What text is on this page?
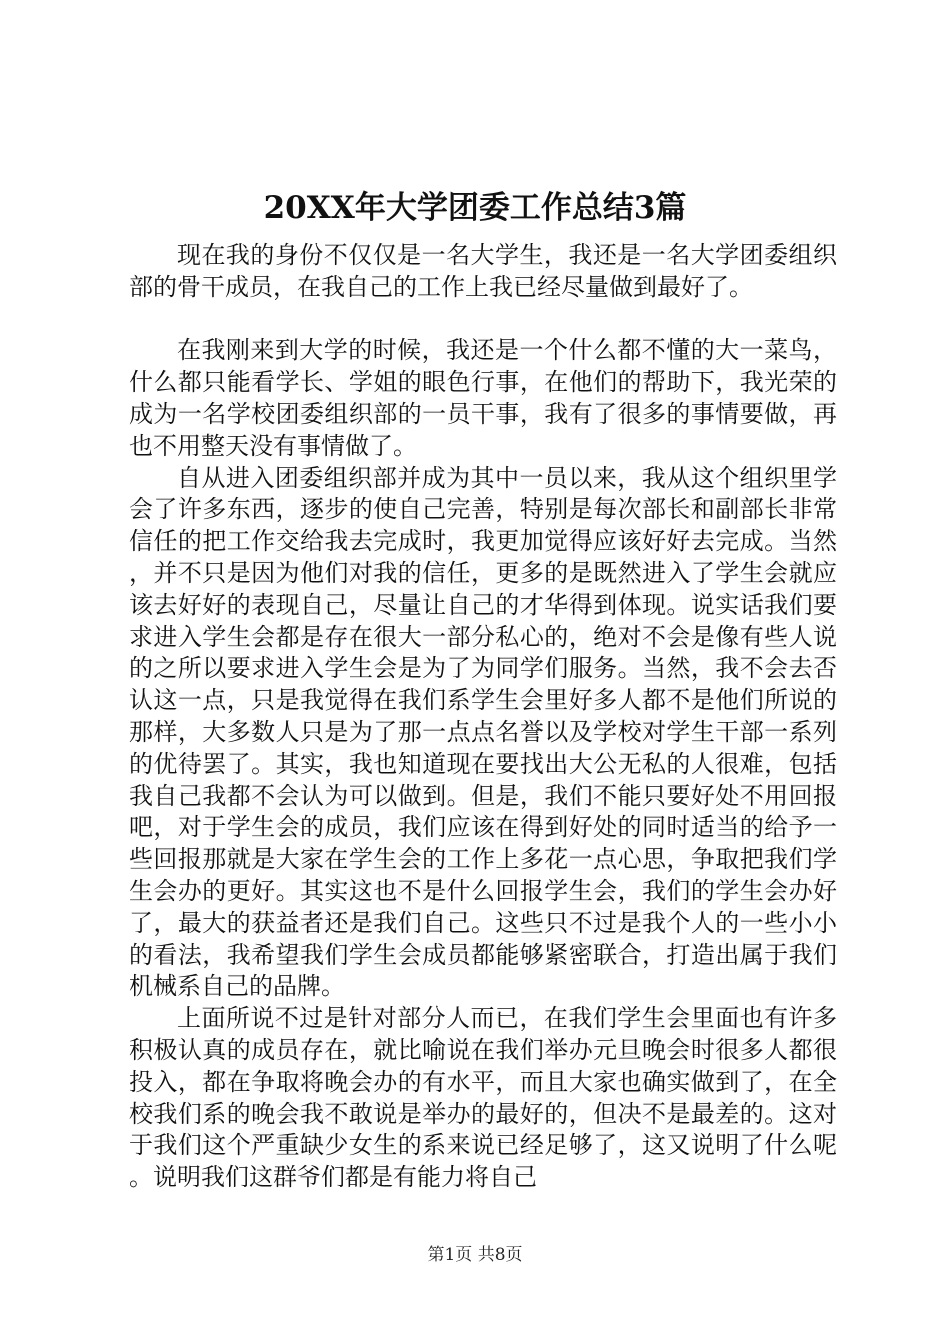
20XX年大学团委工作总结3篇

现在我的身份不仅仅是一名大学生，我还是一名大学团委组织部的骨干成员，在我自己的工作上我已经尽量做到最好了。

在我刚来到大学的时候，我还是一个什么都不懂的大一菜鸟，什么都只能看学长、学姐的眼色行事，在他们的帮助下，我光荣的成为一名学校团委组织部的一员干事，我有了很多的事情要做，再也不用整天没有事情做了。

自从进入团委组织部并成为其中一员以来，我从这个组织里学会了许多东西，逐步的使自己完善，特别是每次部长和副部长非常信任的把工作交给我去完成时，我更加觉得应该好好去完成。当然，并不只是因为他们对我的信任，更多的是既然进入了学生会就应该去好好的表现自己，尽量让自己的才华得到体现。说实话我们要求进入学生会都是存在很大一部分私心的，绝对不会是像有些人说的之所以要求进入学生会是为了为同学们服务。当然，我不会去否认这一点，只是我觉得在我们系学生会里好多人都不是他们所说的那样，大多数人只是为了那一点点名誉以及学校对学生干部一系列的优待罢了。其实，我也知道现在要找出大公无私的人很难，包括我自己我都不会认为可以做到。但是，我们不能只要好处不用回报吧，对于学生会的成员，我们应该在得到好处的同时适当的给予一些回报那就是大家在学生会的工作上多花一点心思，争取把我们学生会办的更好。其实这也不是什么回报学生会，我们的学生会办好了，最大的获益者还是我们自己。这些只不过是我个人的一些小小的看法，我希望我们学生会成员都能够紧密联合，打造出属于我们机械系自己的品牌。

上面所说不过是针对部分人而已，在我们学生会里面也有许多积极认真的成员存在，就比喻说在我们举办元旦晚会时很多人都很投入，都在争取将晚会办的有水平，而且大家也确实做到了，在全校我们系的晚会我不敢说是举办的最好的，但决不是最差的。这对于我们这个严重缺少女生的系来说已经足够了，这又说明了什么呢。说明我们这群爷们都是有能力将自己

第1页 共8页
